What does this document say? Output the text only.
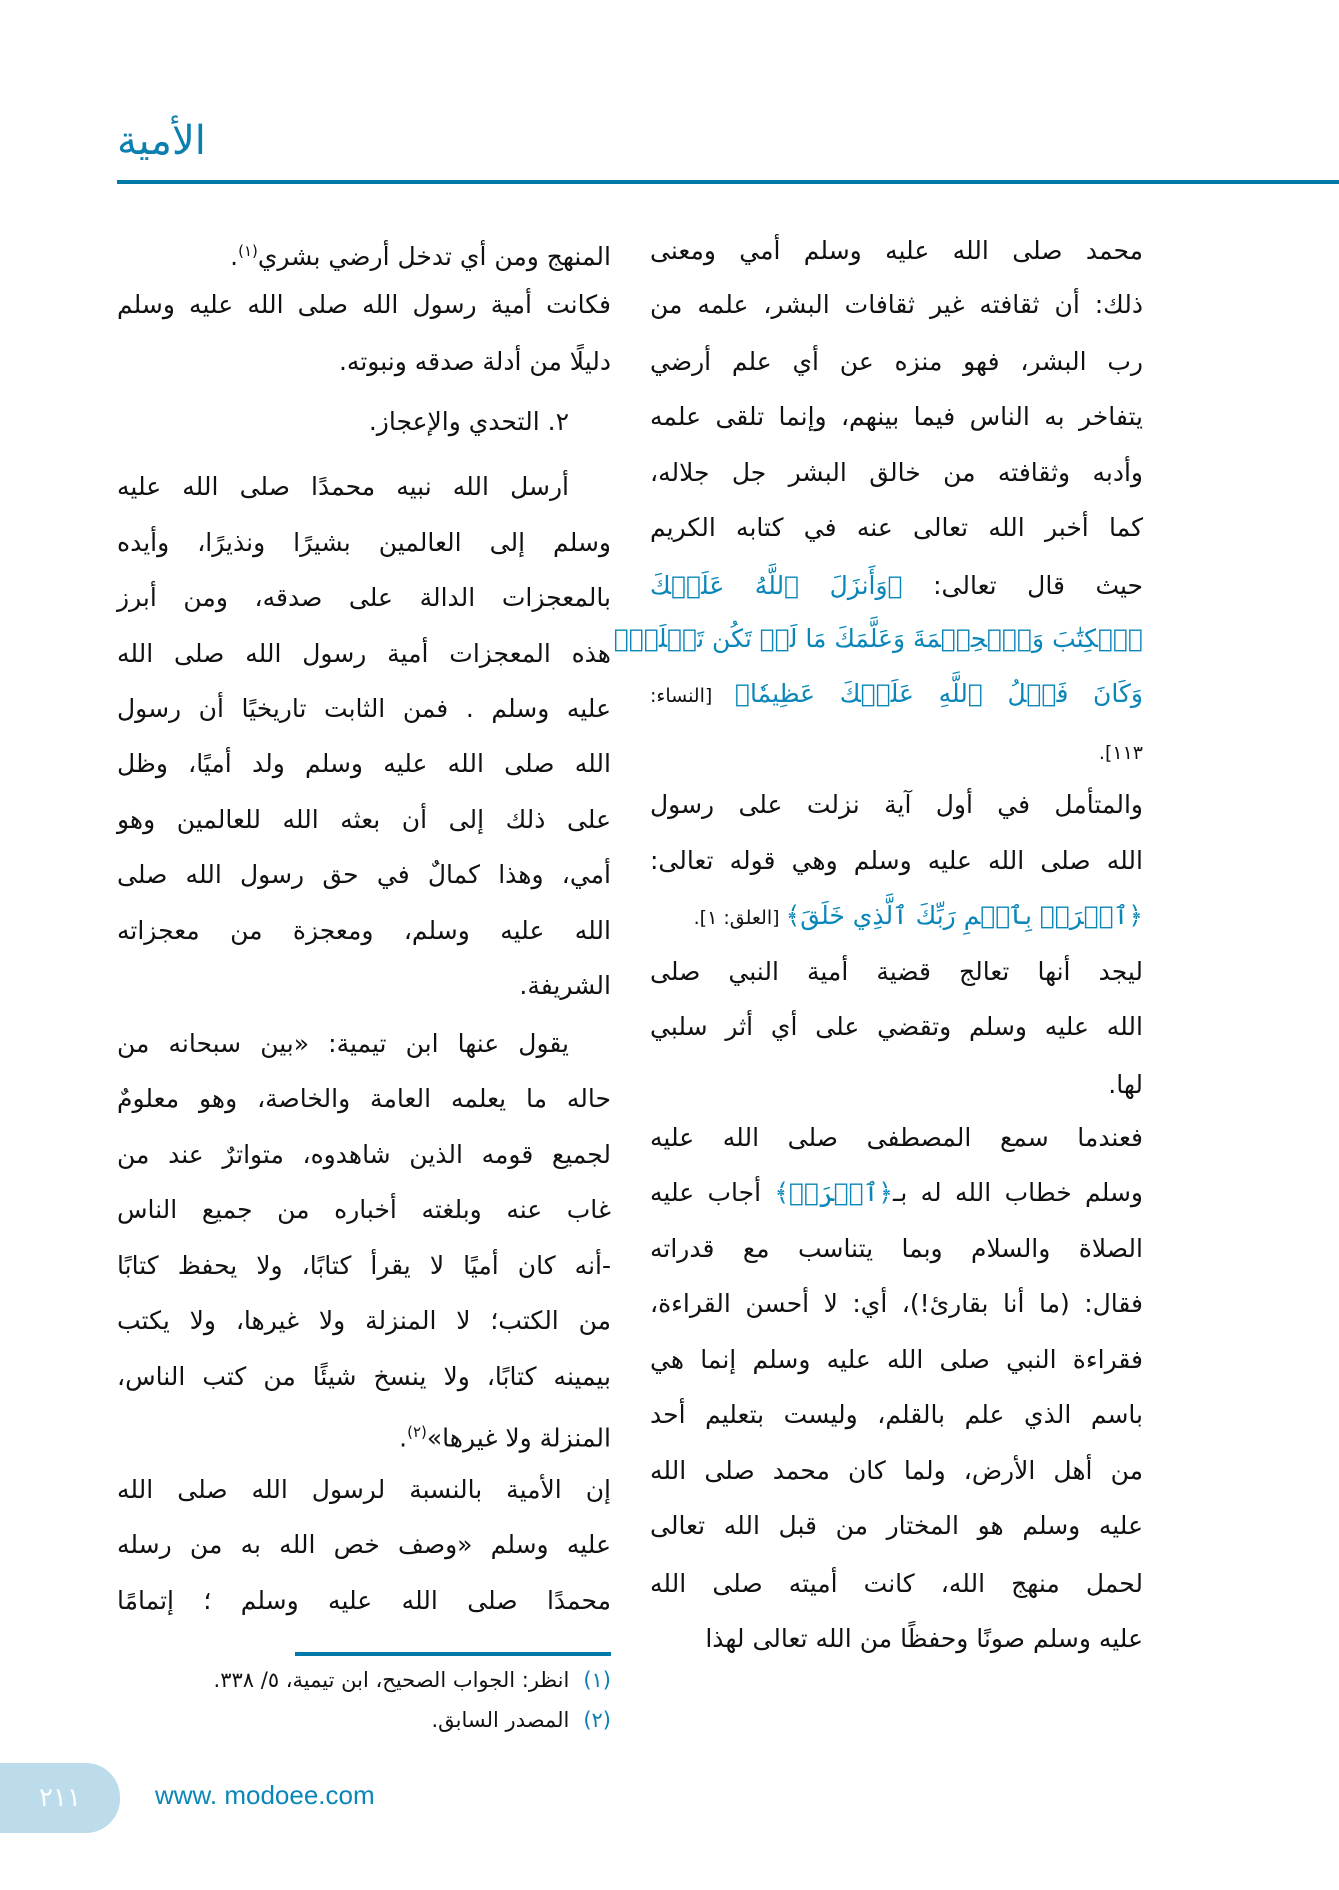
الأمية
محمد صلى الله عليه وسلم أمي ومعنى
ذلك: أن ثقافته غير ثقافات البشر، علمه من
رب البشر، فهو منزه عن أي علم أرضي
يتفاخر به الناس فيما بينهم، وإنما تلقى علمه
وأدبه وثقافته من خالق البشر جل جلاله،
كما أخبر الله تعالى عنه في كتابه الكريم
حيث قال تعالى: ﴿وَأَنزَلَ ٱللَّهُ عَلَيۡكَ
ٱلۡكِتَٰبَ وَٱلۡحِكۡمَةَ وَعَلَّمَكَ مَا لَمۡ تَكُن تَعۡلَمُۚ
وَكَانَ فَضۡلُ ٱللَّهِ عَلَيۡكَ عَظِيمٗا﴾ [النساء:
١١٣].
والمتأمل في أول آية نزلت على رسول
الله صلى الله عليه وسلم وهي قوله تعالى:
﴿ٱقۡرَأۡ بِٱسۡمِ رَبِّكَ ٱلَّذِي خَلَقَ﴾ [العلق: ١].
ليجد أنها تعالج قضية أمية النبي صلى
الله عليه وسلم وتقضي على أي أثر سلبي
لها.
فعندما سمع المصطفى صلى الله عليه
وسلم خطاب الله له بـ﴿ٱقۡرَأۡ﴾ أجاب عليه
الصلاة والسلام وبما يتناسب مع قدراته
فقال: (ما أنا بقارئ!)، أي: لا أحسن القراءة،
فقراءة النبي صلى الله عليه وسلم إنما هي
باسم الذي علم بالقلم، وليست بتعليم أحد
من أهل الأرض، ولما كان محمد صلى الله
عليه وسلم هو المختار من قبل الله تعالى
لحمل منهج الله، كانت أميته صلى الله
عليه وسلم صونًا وحفظًا من الله تعالى لهذا
المنهج ومن أي تدخل أرضي بشري$^{(١)}$.
فكانت أمية رسول الله صلى الله عليه وسلم
دليلًا من أدلة صدقه ونبوته.
٢. التحدي والإعجاز.
أرسل الله نبيه محمدًا صلى الله عليه
وسلم إلى العالمين بشيرًا ونذيرًا، وأيده
بالمعجزات الدالة على صدقه، ومن أبرز
هذه المعجزات أمية رسول الله صلى الله
عليه وسلم . فمن الثابت تاريخيًا أن رسول
الله صلى الله عليه وسلم ولد أميًا، وظل
على ذلك إلى أن بعثه الله للعالمين وهو
أمي، وهذا كمالٌ في حق رسول الله صلى
الله عليه وسلم، ومعجزة من معجزاته
الشريفة.
يقول عنها ابن تيمية: «بين سبحانه من
حاله ما يعلمه العامة والخاصة، وهو معلومٌ
لجميع قومه الذين شاهدوه، متواترٌ عند من
غاب عنه وبلغته أخباره من جميع الناس
-أنه كان أميًا لا يقرأ كتابًا، ولا يحفظ كتابًا
من الكتب؛ لا المنزلة ولا غيرها، ولا يكتب
بيمينه كتابًا، ولا ينسخ شيئًا من كتب الناس،
المنزلة ولا غيرها»$^{(٢)}$.
إن الأمية بالنسبة لرسول الله صلى الله
عليه وسلم «وصف خص الله به من رسله
محمدًا صلى الله عليه وسلم ؛ إتمامًا
(١)انظر: الجواب الصحيح، ابن تيمية، ٥/ ٣٣٨.
(٢)المصدر السابق.
٢١١	www. modoee.com
